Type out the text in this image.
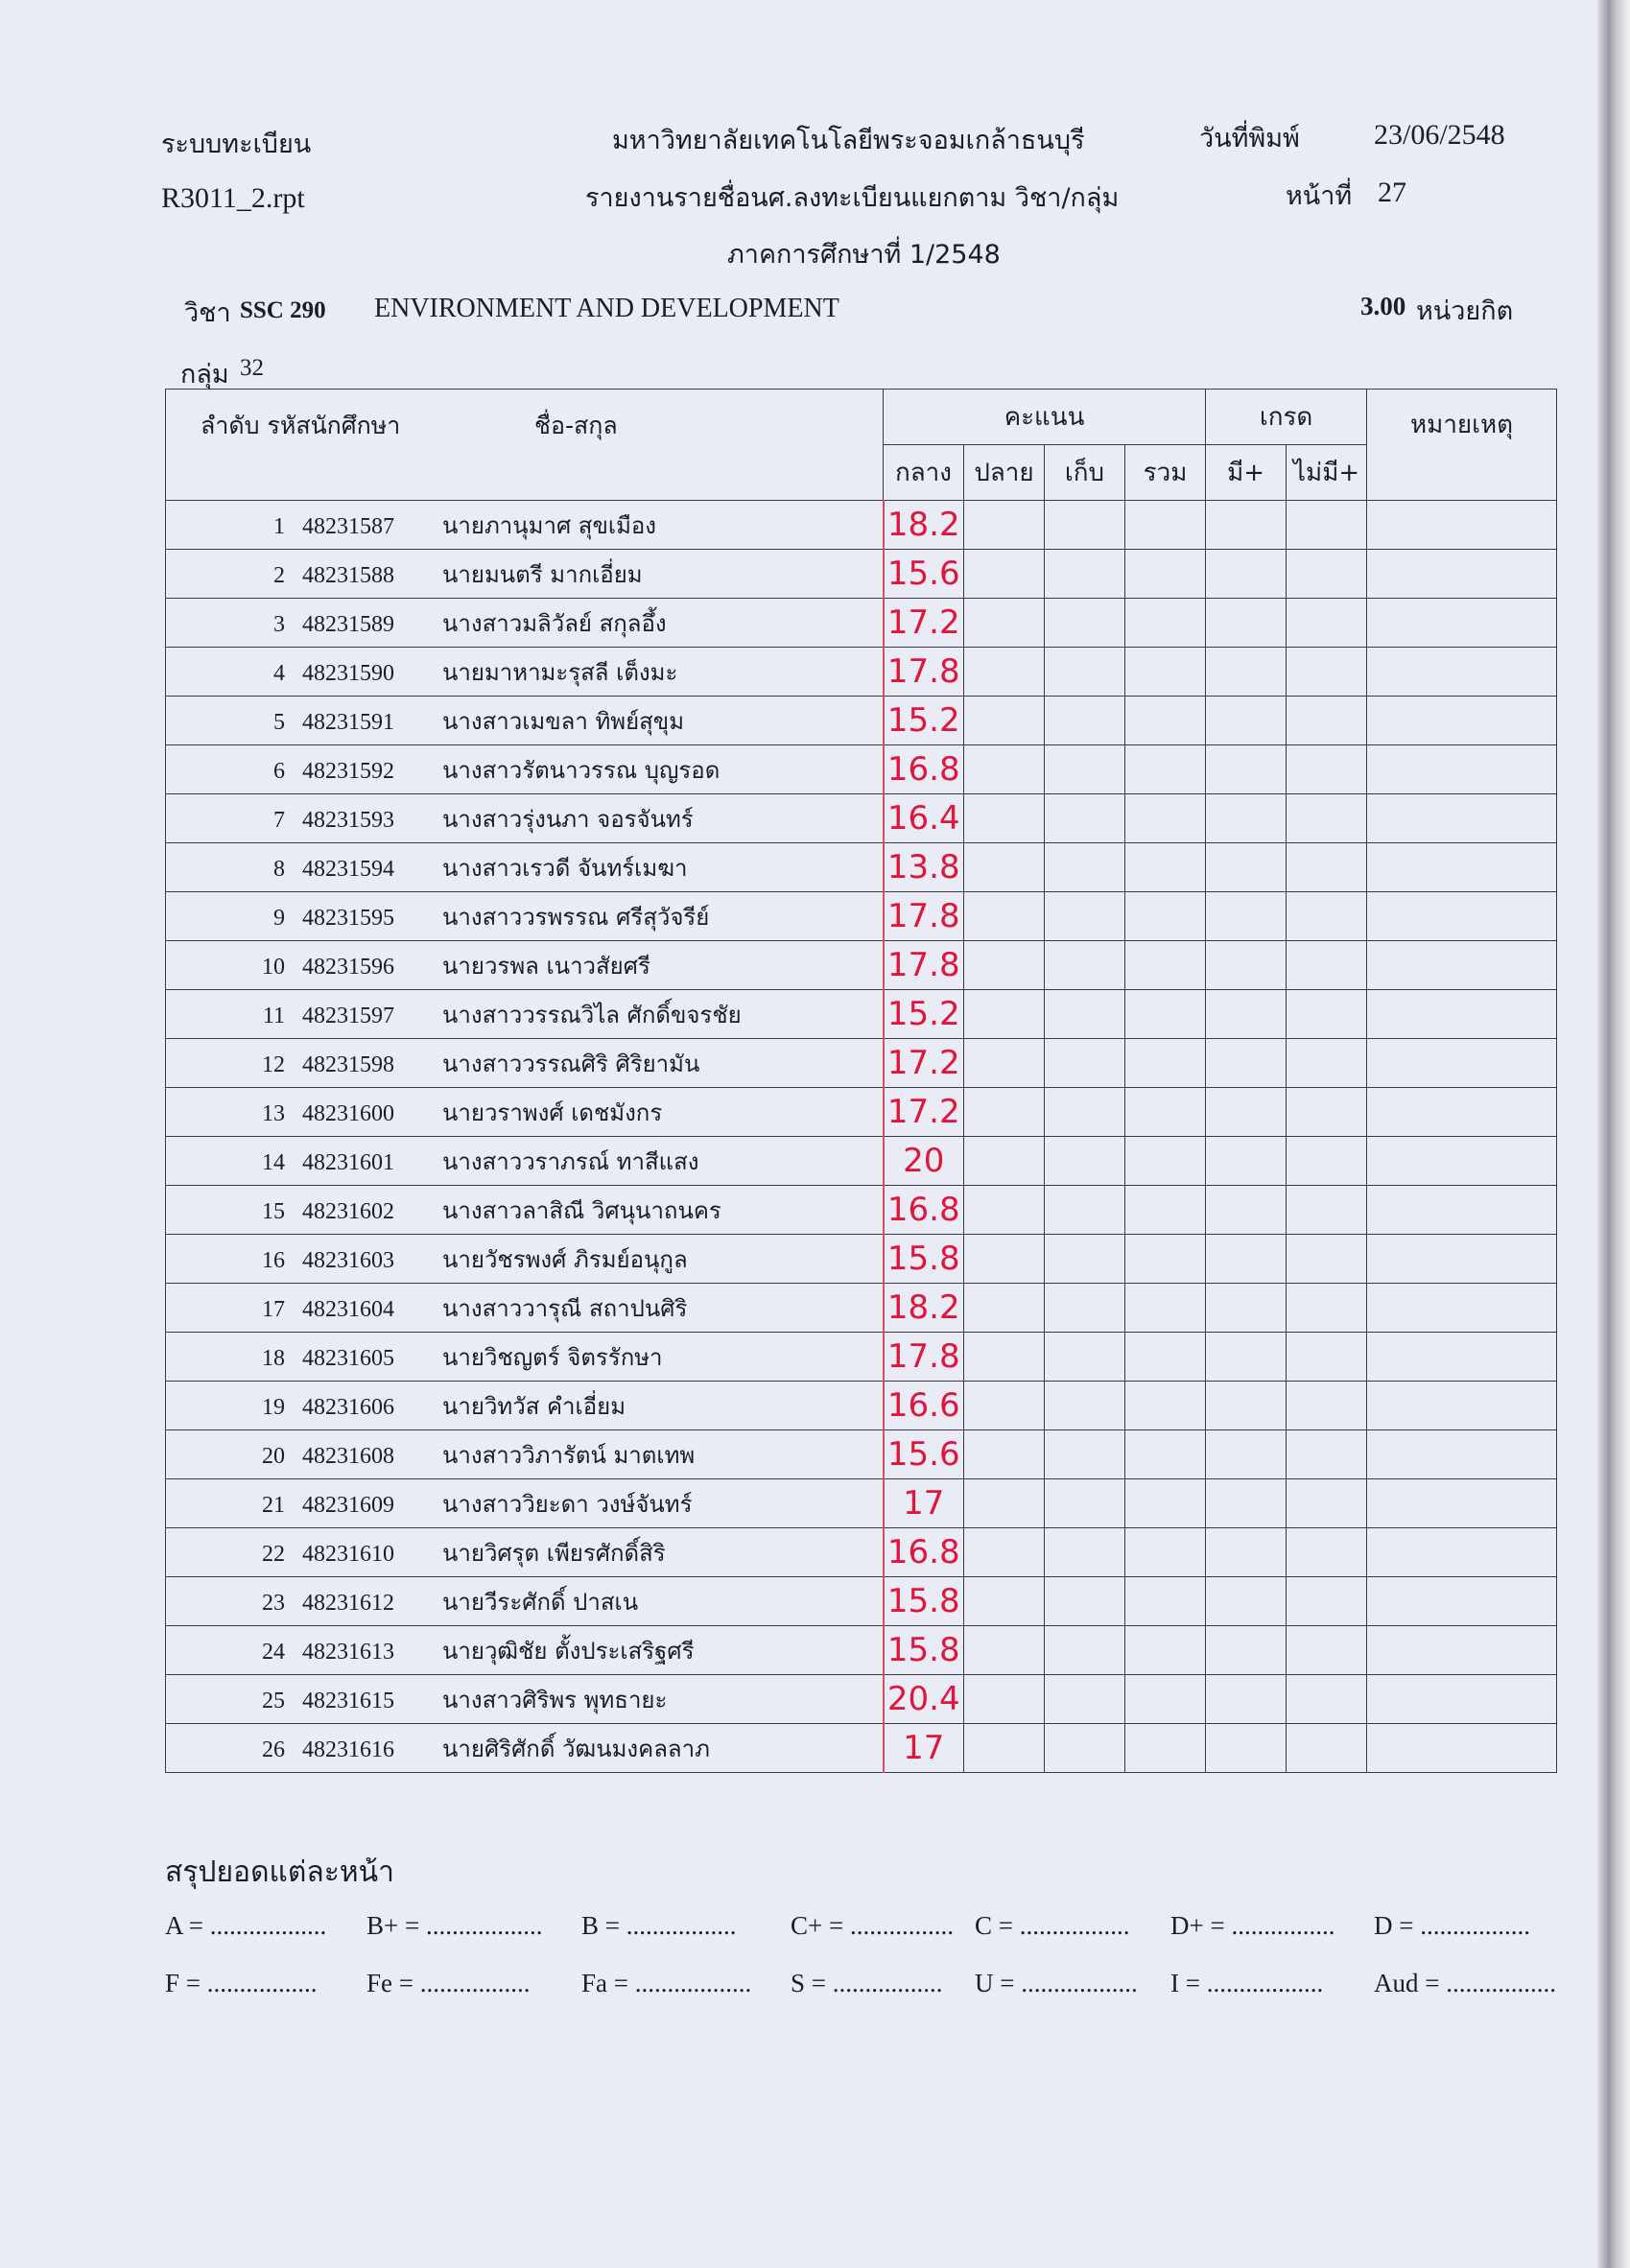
ระบบทะเบียน
R3011_2.rpt
มหาวิทยาลัยเทคโนโลยีพระจอมเกล้าธนบุรี
รายงานรายชื่อนศ.ลงทะเบียนแยกตาม วิชา/กลุ่ม
ภาคการศึกษาที่ 1/2548
วันที่พิมพ์	23/06/2548
หน้าที่ 27
วิชา SSC 290 ENVIRONMENT AND DEVELOPMENT	3.00 หน่วยกิต
กลุ่ม 32
ลำดับ รหัสนักศึกษา ชื่อ-สกุล	คะแนน				เกรด		หมายเหตุ
	กลาง	ปลาย	เก็บ	รวม	มี+	ไม่มี+	
1 48231587 นายภานุมาศ สุขเมือง	18.2						
2 48231588 นายมนตรี มากเอี่ยม	15.6						
3 48231589 นางสาวมลิวัลย์ สกุลอึ้ง	17.2						
4 48231590 นายมาหามะรุสลี เต็งมะ	17.8						
5 48231591 นางสาวเมขลา ทิพย์สุขุม	15.2						
6 48231592 นางสาวรัตนาวรรณ บุญรอด	16.8						
7 48231593 นางสาวรุ่งนภา จอรจันทร์	16.4						
8 48231594 นางสาวเรวดี จันทร์เมฆา	13.8						
9 48231595 นางสาววรพรรณ ศรีสุวัจรีย์	17.8						
10 48231596 นายวรพล เนาวสัยศรี	17.8						
11 48231597 นางสาววรรณวิไล ศักดิ์ขจรชัย	15.2						
12 48231598 นางสาววรรณศิริ ศิริยามัน	17.2						
13 48231600 นายวราพงศ์ เดชมังกร	17.2						
14 48231601 นางสาววราภรณ์ ทาสีแสง	20						
15 48231602 นางสาวลาสิณี วิศนุนาถนคร	16.8						
16 48231603 นายวัชรพงศ์ ภิรมย์อนุกูล	15.8						
17 48231604 นางสาววารุณี สถาปนศิริ	18.2						
18 48231605 นายวิชญตร์ จิตรรักษา	17.8						
19 48231606 นายวิทวัส คำเอี่ยม	16.6						
20 48231608 นางสาววิภารัตน์ มาตเทพ	15.6						
21 48231609 นางสาววิยะดา วงษ์จันทร์	17						
22 48231610 นายวิศรุต เพียรศักดิ์สิริ	16.8						
23 48231612 นายวีระศักดิ์ ปาสเน	15.8						
24 48231613 นายวุฒิชัย ตั้งประเสริฐศรี	15.8						
25 48231615 นางสาวศิริพร พุทธายะ	20.4						
26 48231616 นายศิริศักดิ์ วัฒนมงคลลาภ	17						
สรุปยอดแต่ละหน้า
A = .................. B+ = .................. B = ................. C+ = ................ C = ................. D+ = ................ D = .................
F = ................. Fe = ................. Fa = .................. S = ................. U = .................. I = .................. Aud = .................
